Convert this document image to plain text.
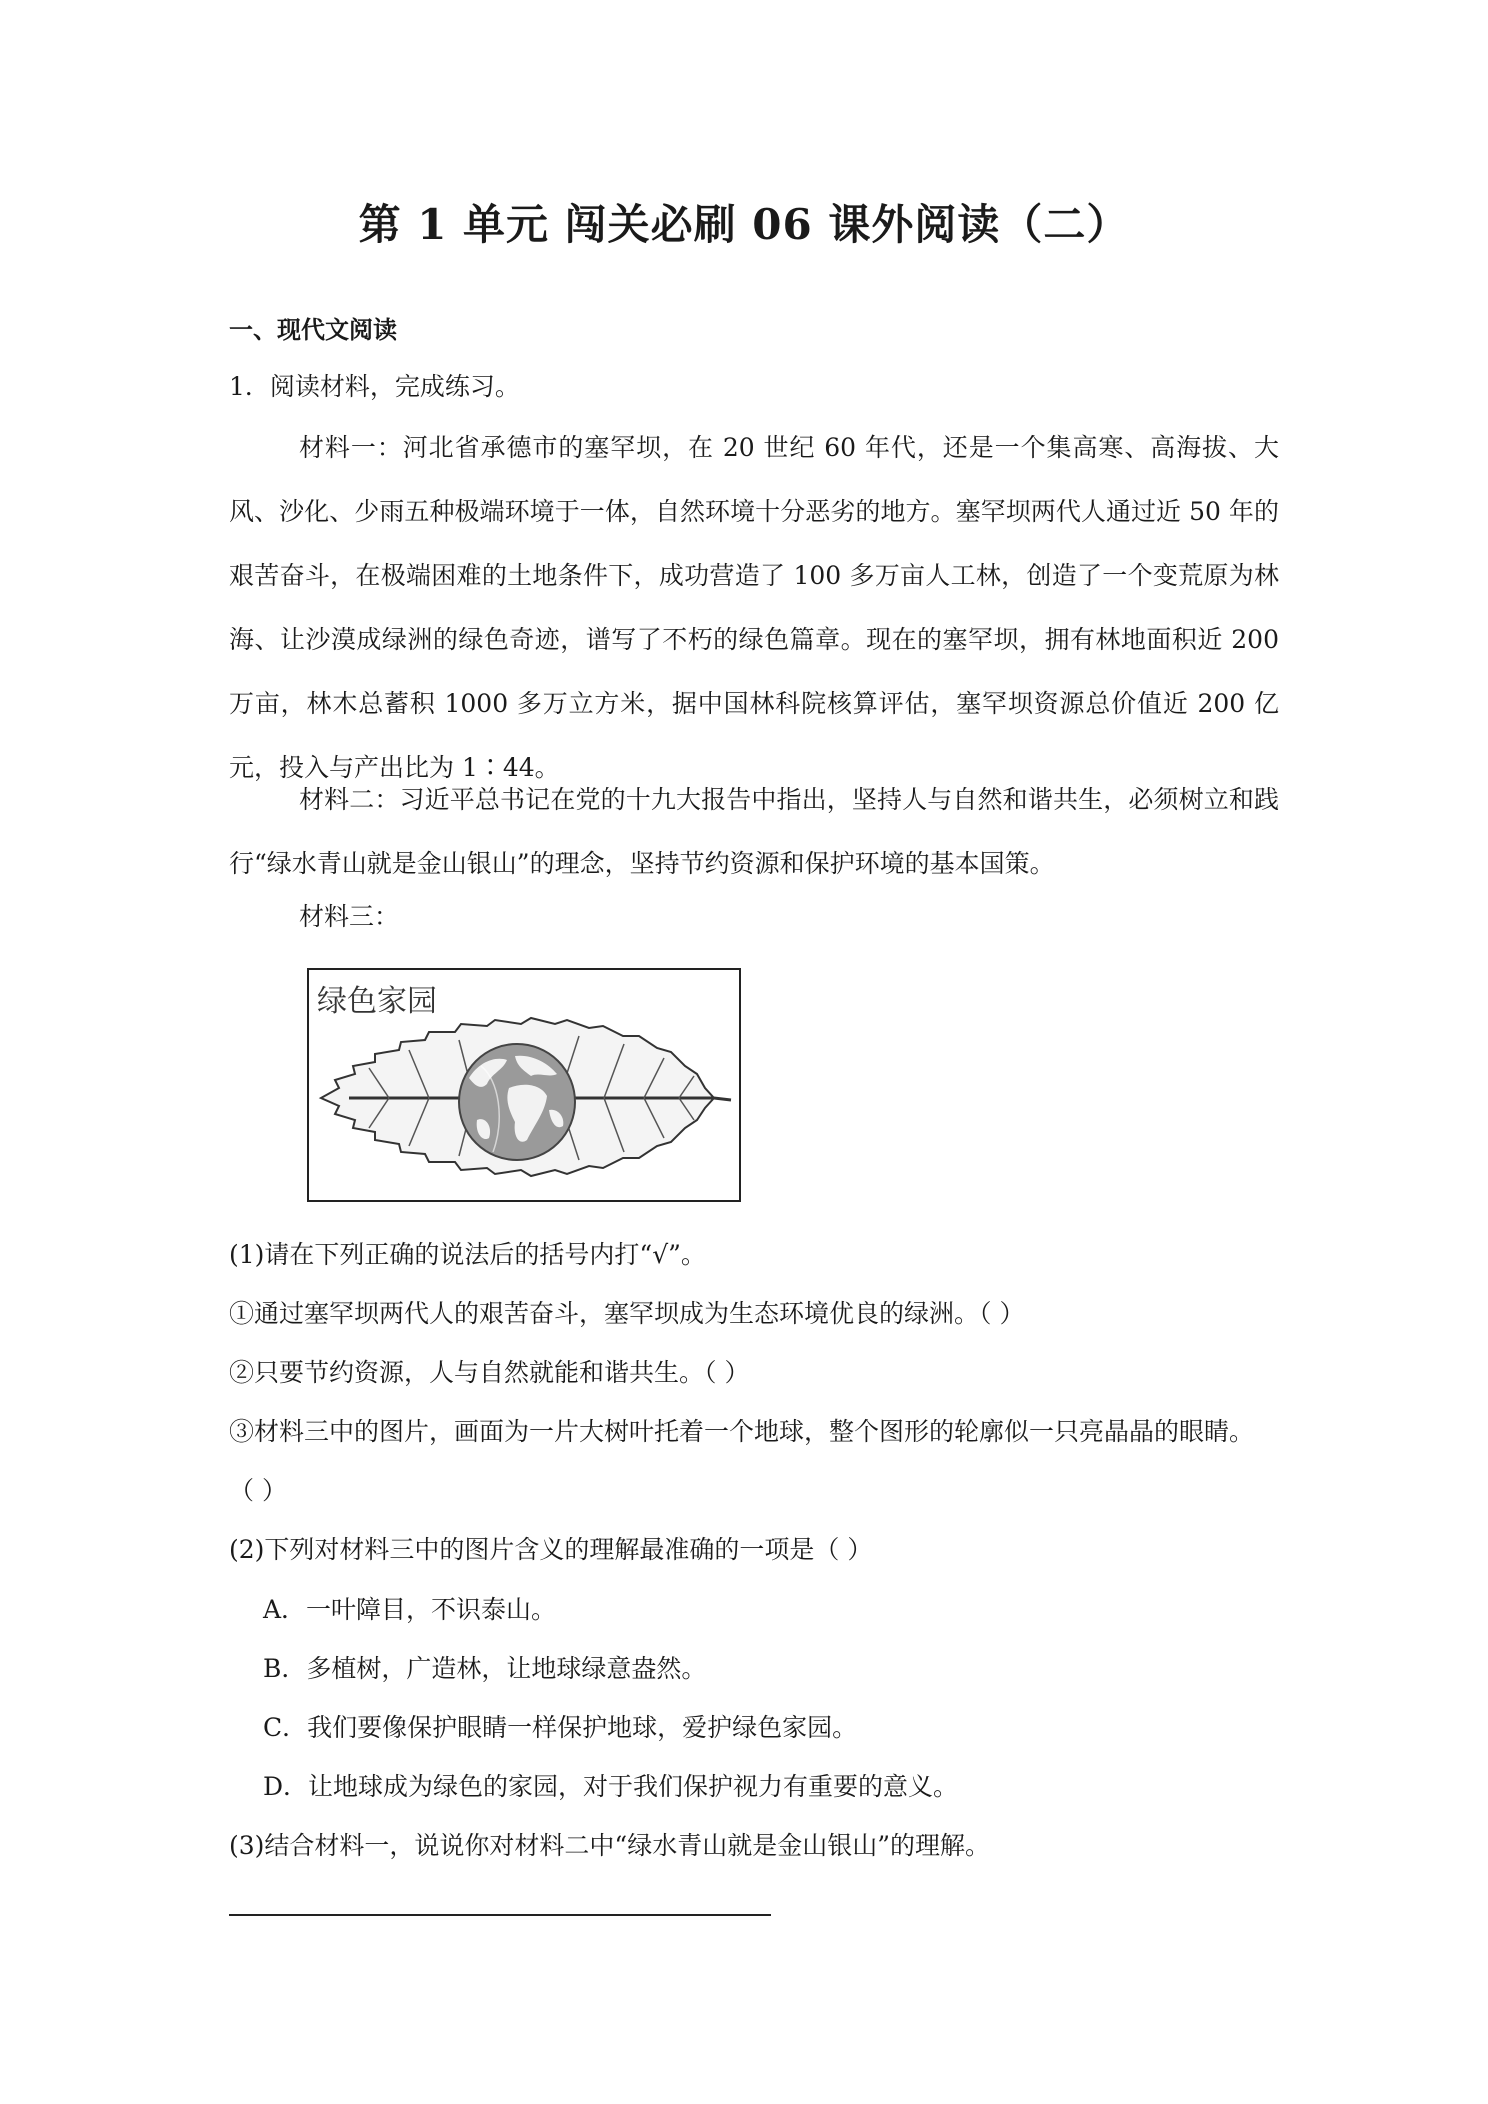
第 1 单元 闯关必刷 06 课外阅读（二）
一、现代文阅读
1．阅读材料，完成练习。

材料一：河北省承德市的塞罕坝，在 20 世纪 60 年代，还是一个集高寒、高海拔、大风、沙化、少雨五种极端环境于一体，自然环境十分恶劣的地方。塞罕坝两代人通过近 50 年的艰苦奋斗，在极端困难的土地条件下，成功营造了 100 多万亩人工林，创造了一个变荒原为林海、让沙漠成绿洲的绿色奇迹，谱写了不朽的绿色篇章。现在的塞罕坝，拥有林地面积近 200 万亩，林木总蓄积 1000 多万立方米，据中国林科院核算评估，塞罕坝资源总价值近 200 亿元，投入与产出比为 1∶44。

材料二：习近平总书记在党的十九大报告中指出，坚持人与自然和谐共生，必须树立和践行“绿水青山就是金山银山”的理念，坚持节约资源和保护环境的基本国策。

材料三：
绿色家园
(1)请在下列正确的说法后的括号内打“√”。
①通过塞罕坝两代人的艰苦奋斗，塞罕坝成为生态环境优良的绿洲。（ ）
②只要节约资源，人与自然就能和谐共生。（ ）
③材料三中的图片，画面为一片大树叶托着一个地球，整个图形的轮廓似一只亮晶晶的眼睛。
（ ）
(2)下列对材料三中的图片含义的理解最准确的一项是（ ）
A．一叶障目，不识泰山。
B．多植树，广造林，让地球绿意盎然。
C．我们要像保护眼睛一样保护地球，爱护绿色家园。
D．让地球成为绿色的家园，对于我们保护视力有重要的意义。
(3)结合材料一，说说你对材料二中“绿水青山就是金山银山”的理解。
